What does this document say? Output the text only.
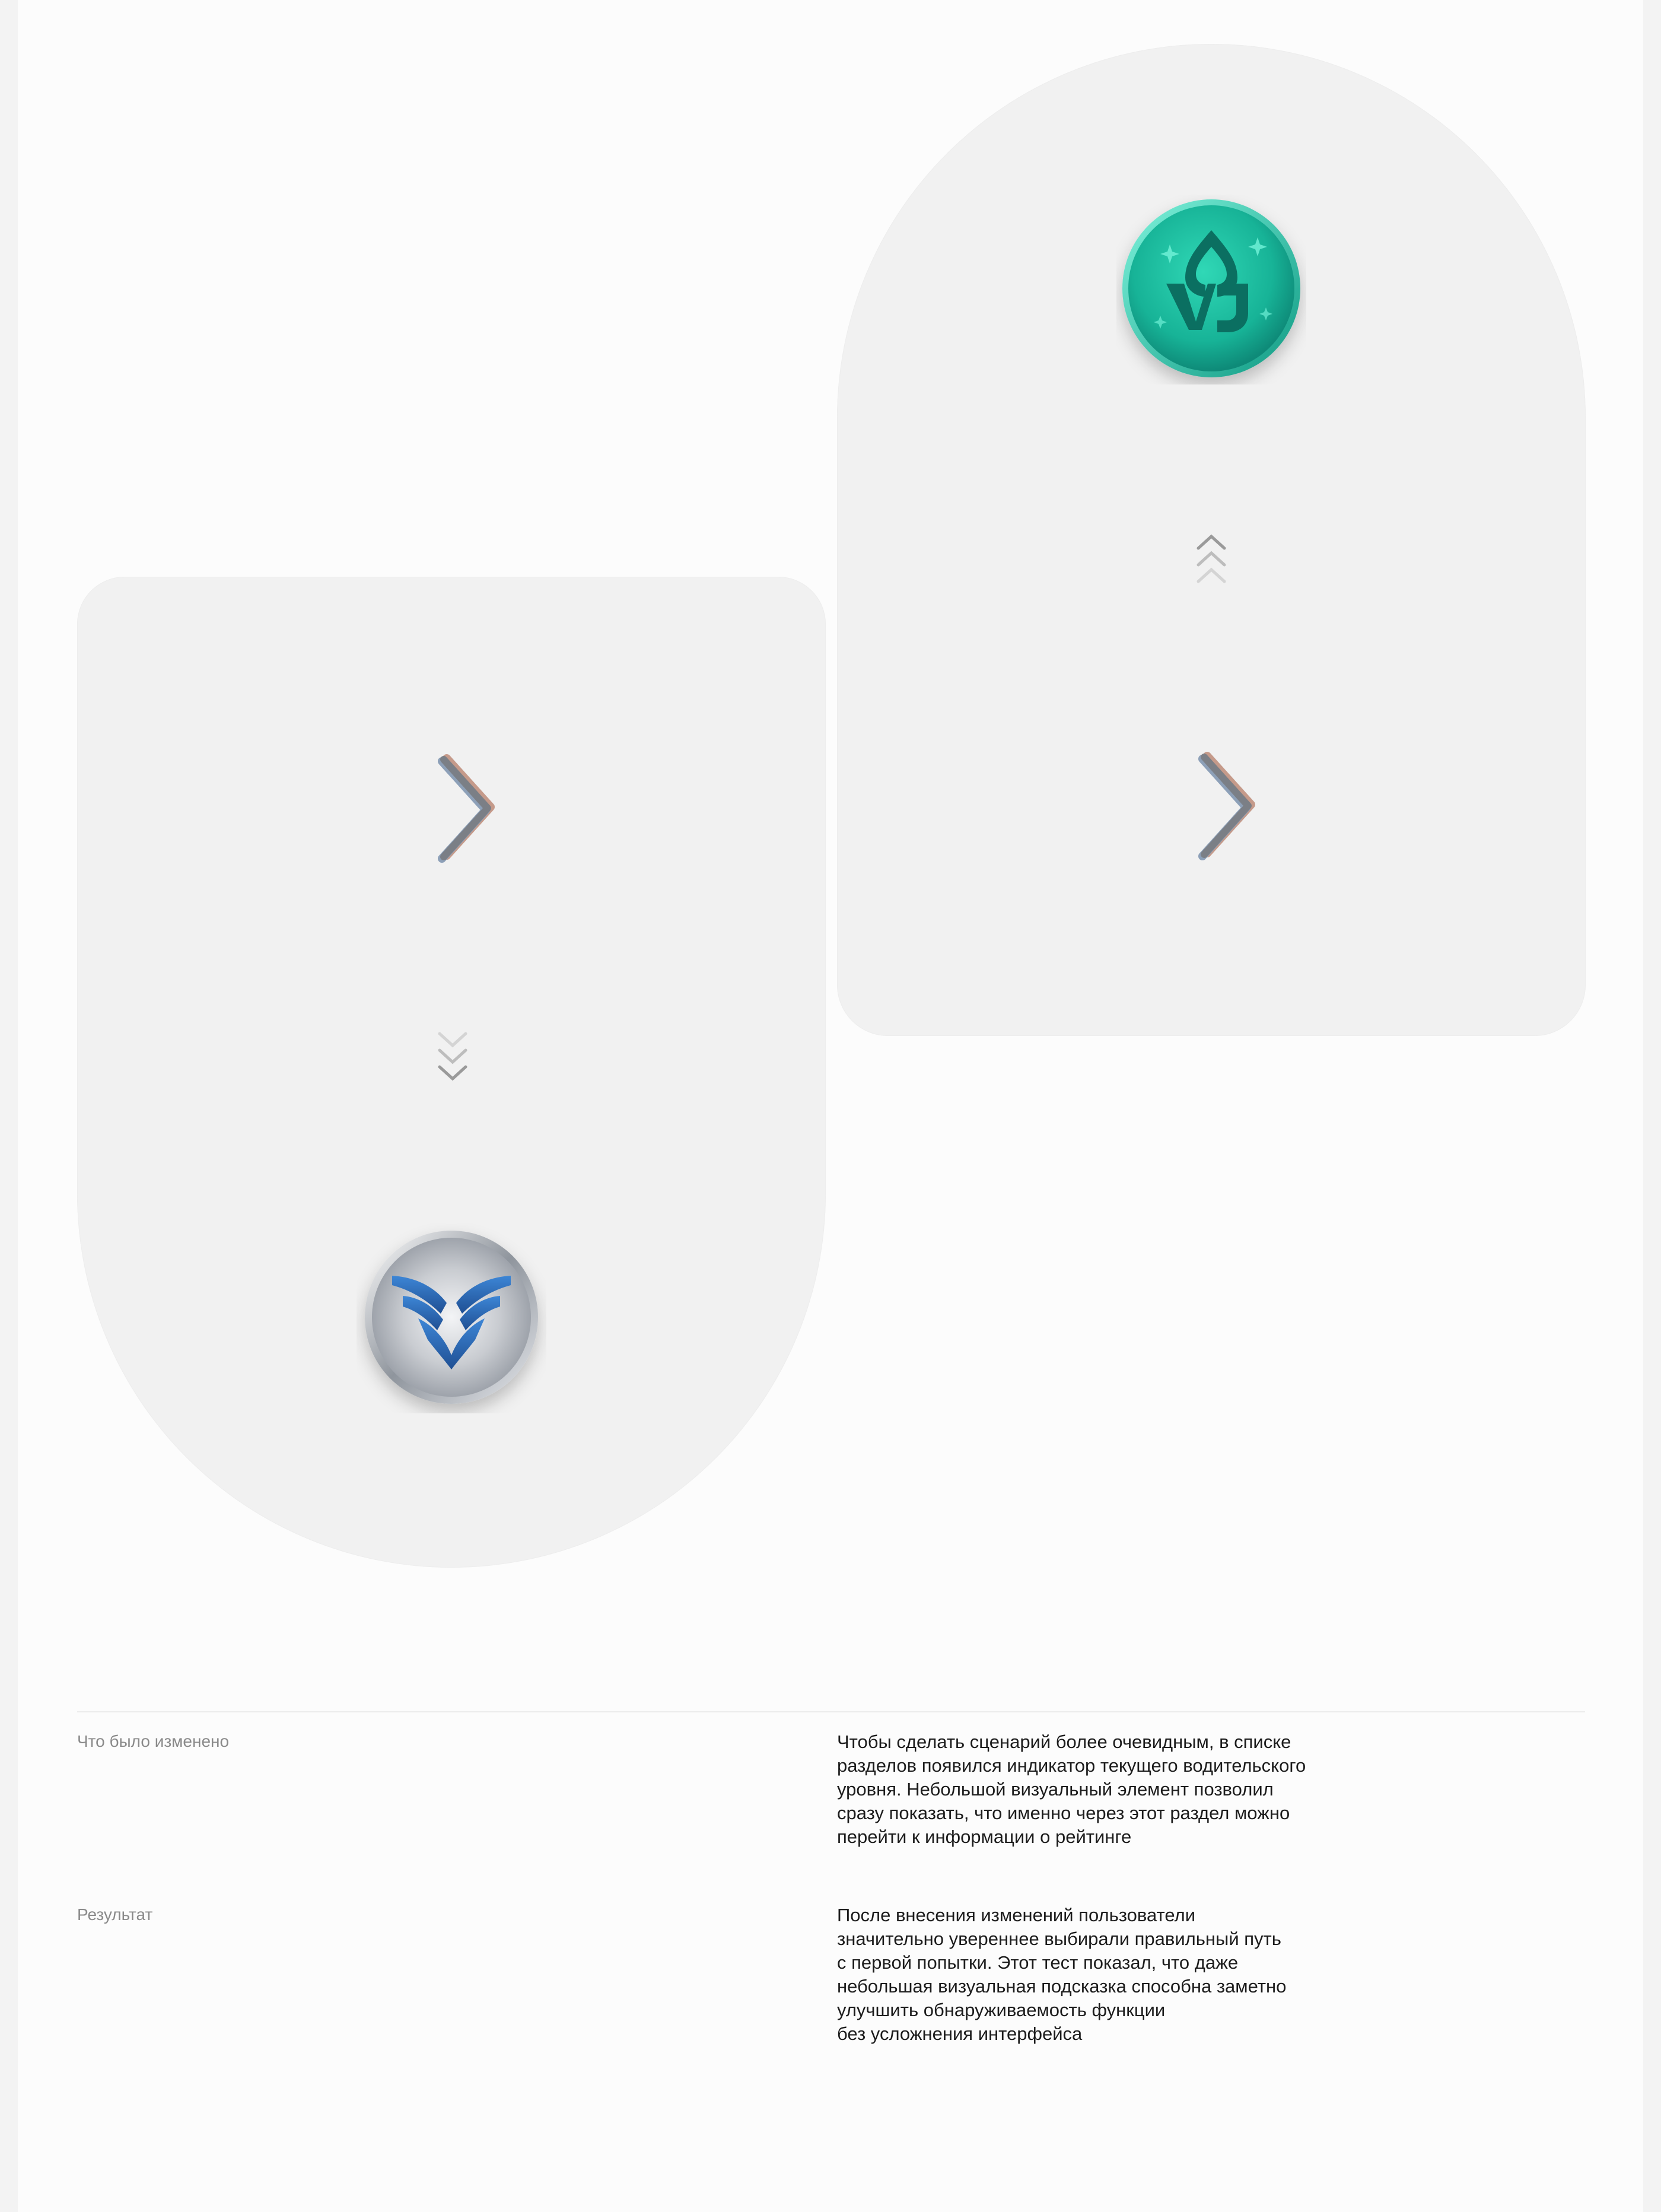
Что было изменено	Чтобы сделать сценарий более очевидным, в списке
разделов появился индикатор текущего водительского
уровня. Небольшой визуальный элемент позволил
сразу показать, что именно через этот раздел можно
перейти к информации о рейтинге
Результат	После внесения изменений пользователи
значительно увереннее выбирали правильный путь
с первой попытки. Этот тест показал, что даже
небольшая визуальная подсказка способна заметно
улучшить обнаруживаемость функции
без усложнения интерфейса
